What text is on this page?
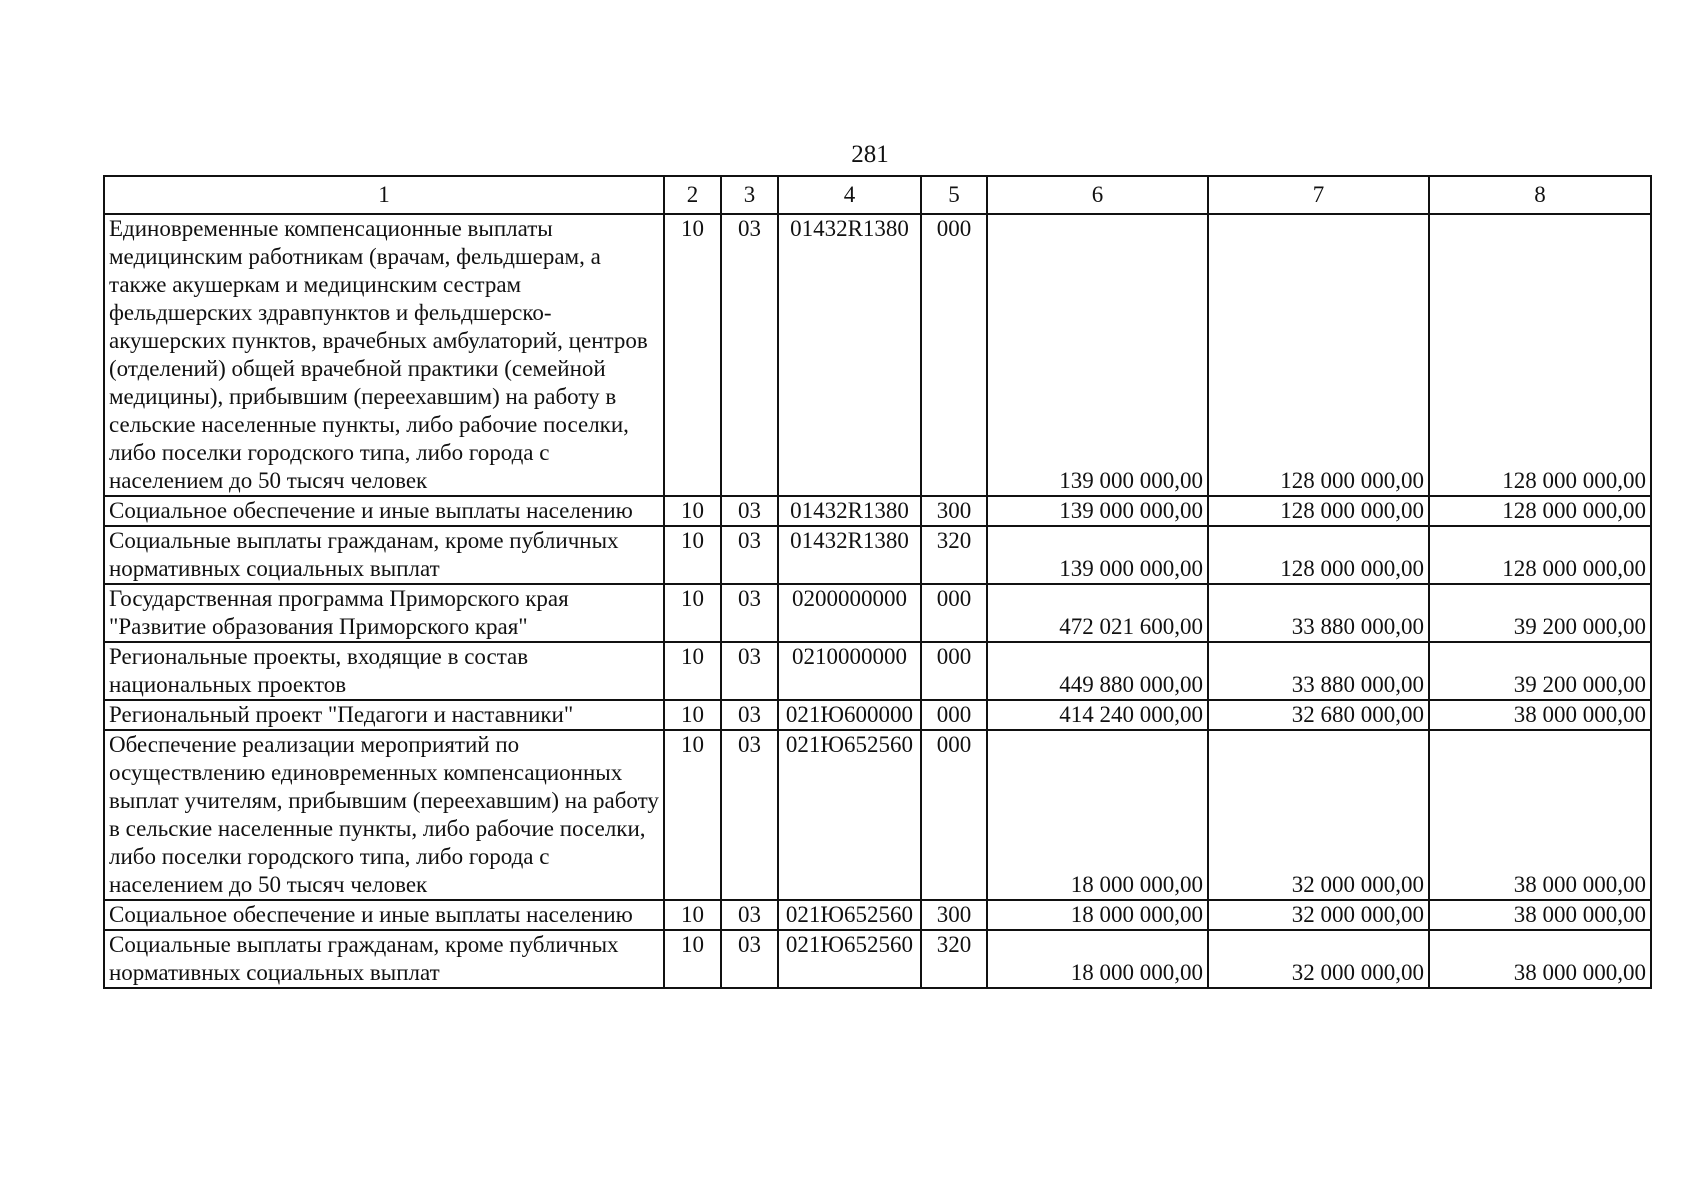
281
1	2	3	4	5	6	7	8
Единовременные компенсационные выплаты медицинским работникам (врачам, фельдшерам, а также акушеркам и медицинским сестрам фельдшерских здравпунктов и фельдшерско-акушерских пунктов, врачебных амбулаторий, центров (отделений) общей врачебной практики (семейной медицины), прибывшим (переехавшим) на работу в сельские населенные пункты, либо рабочие поселки, либо поселки городского типа, либо города с населением до 50 тысяч человек	10	03	01432R1380	000	139 000 000,00	128 000 000,00	128 000 000,00
Социальное обеспечение и иные выплаты населению	10	03	01432R1380	300	139 000 000,00	128 000 000,00	128 000 000,00
Социальные выплаты гражданам, кроме публичных нормативных социальных выплат	10	03	01432R1380	320	139 000 000,00	128 000 000,00	128 000 000,00
Государственная программа Приморского края "Развитие образования Приморского края"	10	03	0200000000	000	472 021 600,00	33 880 000,00	39 200 000,00
Региональные проекты, входящие в состав национальных проектов	10	03	0210000000	000	449 880 000,00	33 880 000,00	39 200 000,00
Региональный проект "Педагоги и наставники"	10	03	021Ю600000	000	414 240 000,00	32 680 000,00	38 000 000,00
Обеспечение реализации мероприятий по осуществлению единовременных компенсационных выплат учителям, прибывшим (переехавшим) на работу в сельские населенные пункты, либо рабочие поселки, либо поселки городского типа, либо города с населением до 50 тысяч человек	10	03	021Ю652560	000	18 000 000,00	32 000 000,00	38 000 000,00
Социальное обеспечение и иные выплаты населению	10	03	021Ю652560	300	18 000 000,00	32 000 000,00	38 000 000,00
Социальные выплаты гражданам, кроме публичных нормативных социальных выплат	10	03	021Ю652560	320	18 000 000,00	32 000 000,00	38 000 000,00
